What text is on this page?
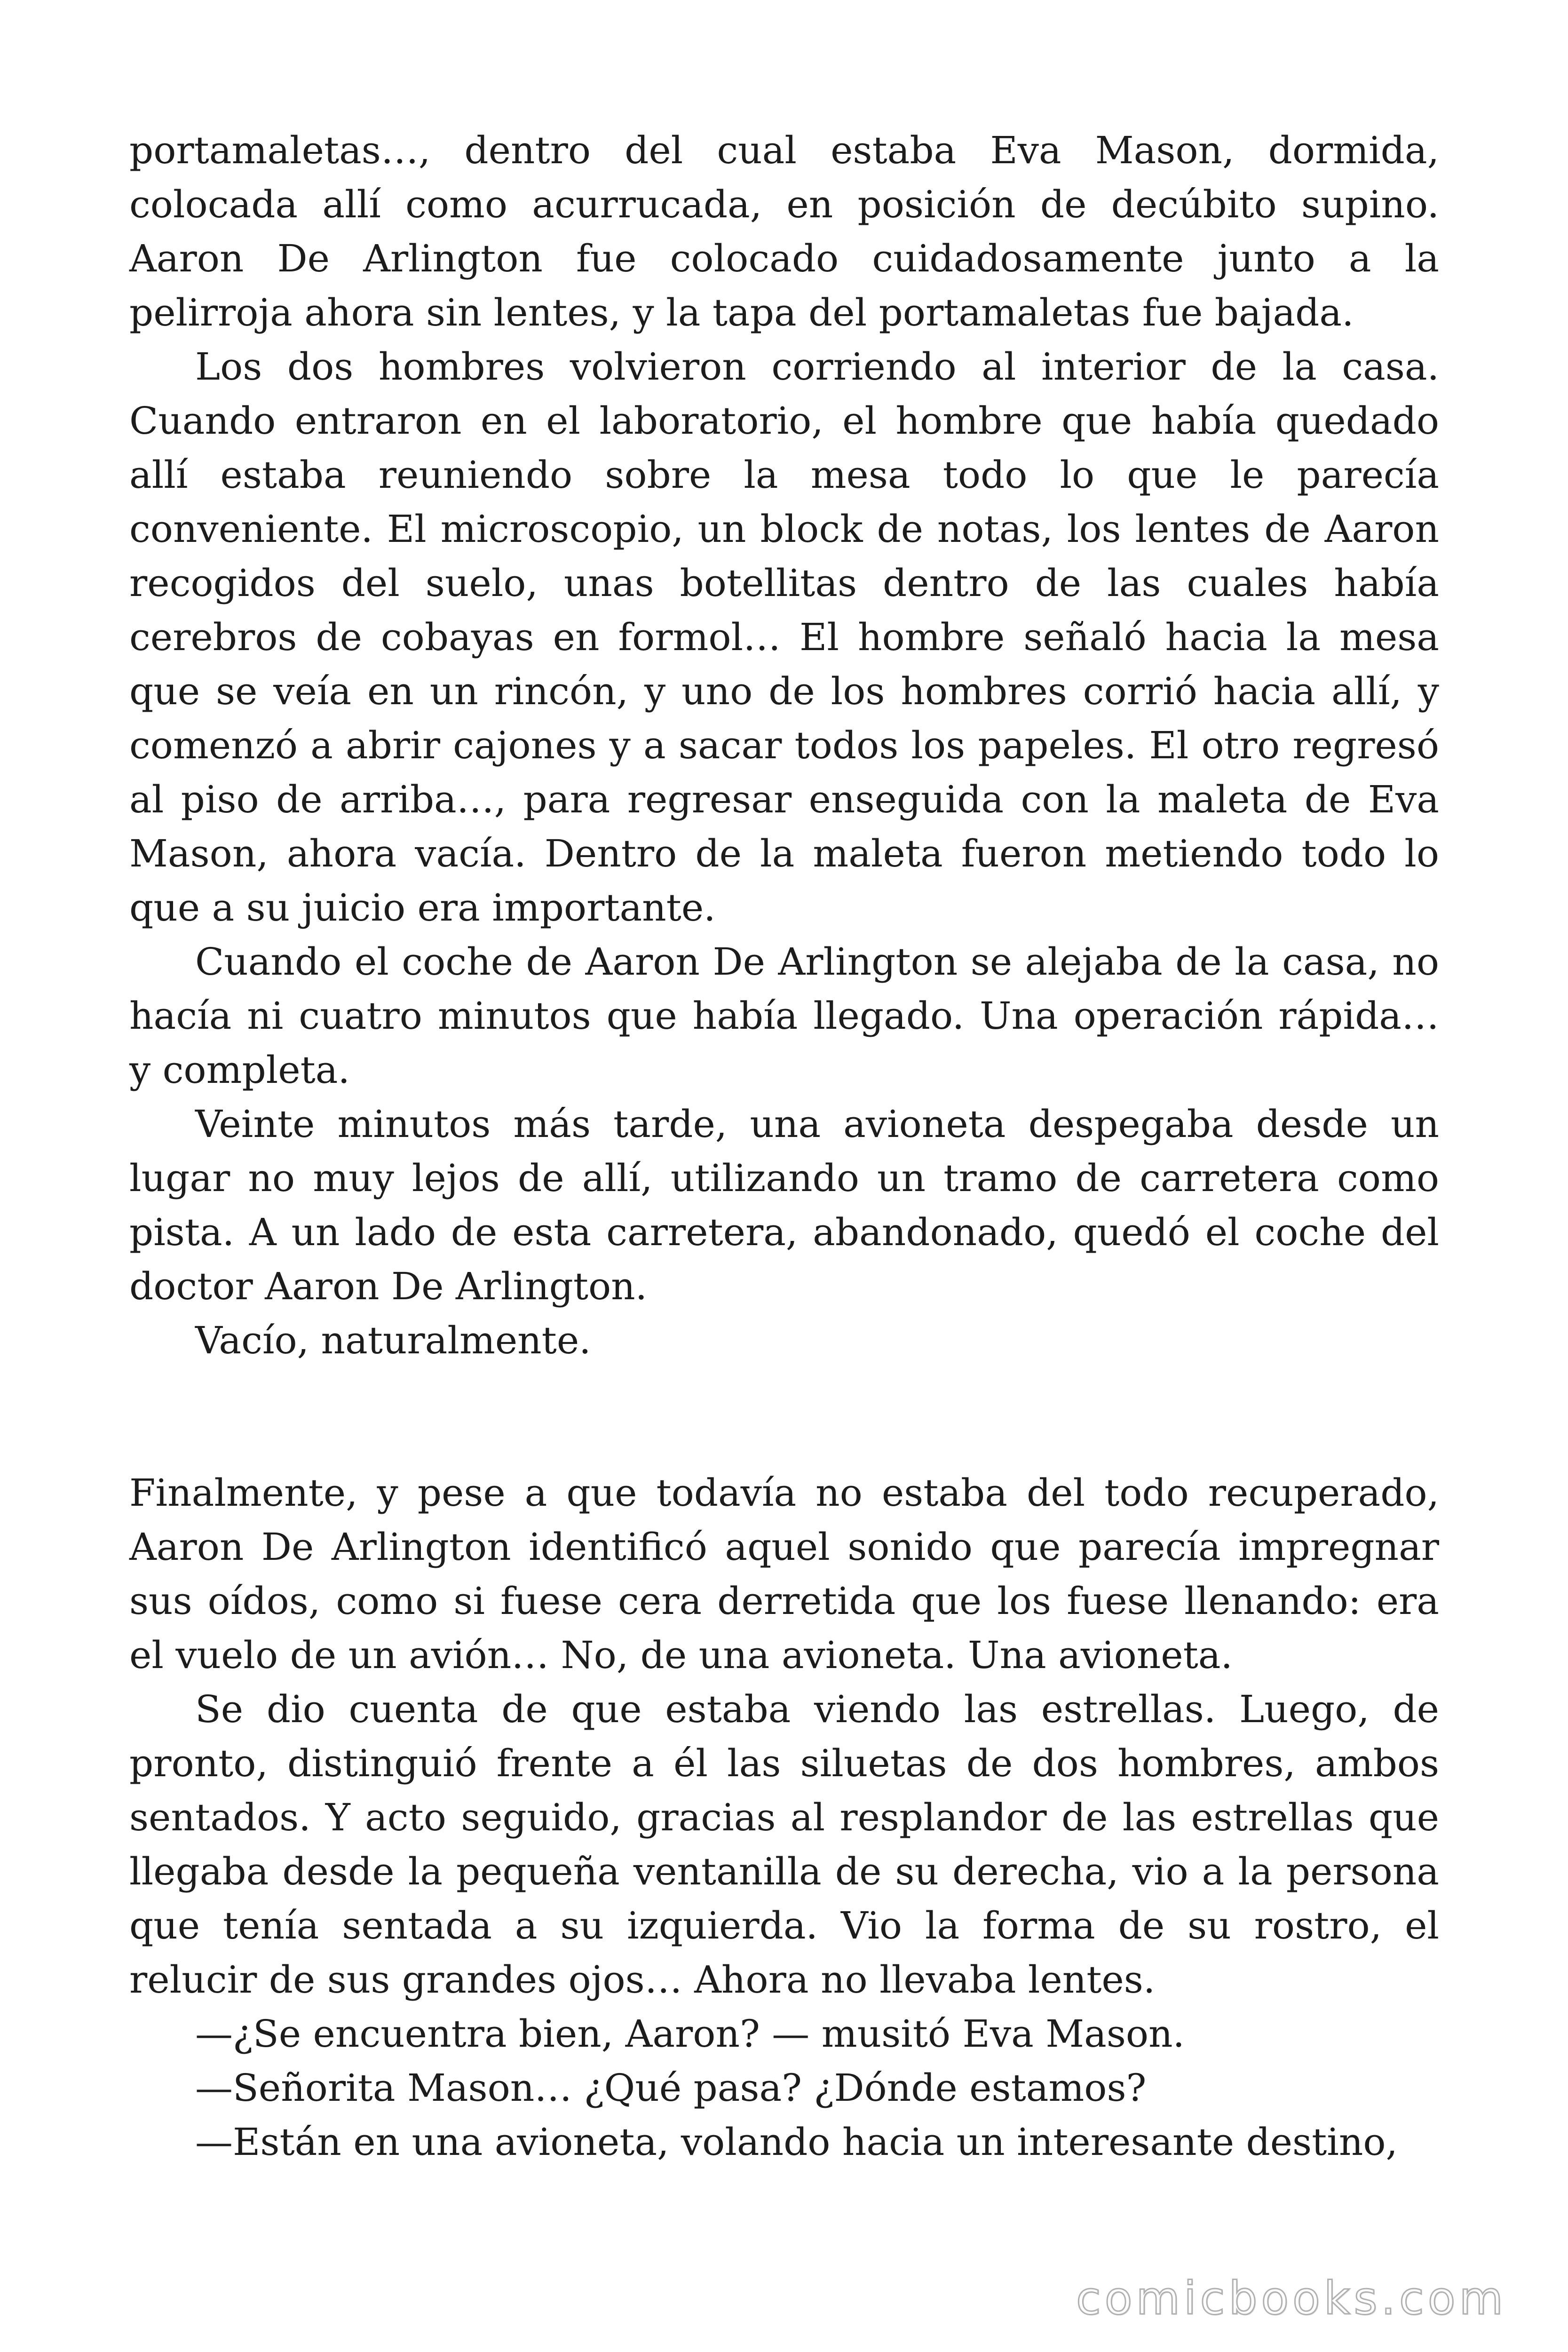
portamaletas…, dentro del cual estaba Eva Mason, dormida, colocada allí como acurrucada, en posición de decúbito supino. Aaron De Arlington fue colocado cuidadosamente junto a la pelirroja ahora sin lentes, y la tapa del portamaletas fue bajada.

Los dos hombres volvieron corriendo al interior de la casa. Cuando entraron en el laboratorio, el hombre que había quedado allí estaba reuniendo sobre la mesa todo lo que le parecía conveniente. El microscopio, un block de notas, los lentes de Aaron recogidos del suelo, unas botellitas dentro de las cuales había cerebros de cobayas en formol… El hombre señaló hacia la mesa que se veía en un rincón, y uno de los hombres corrió hacia allí, y comenzó a abrir cajones y a sacar todos los papeles. El otro regresó al piso de arriba…, para regresar enseguida con la maleta de Eva Mason, ahora vacía. Dentro de la maleta fueron metiendo todo lo que a su juicio era importante.

Cuando el coche de Aaron De Arlington se alejaba de la casa, no hacía ni cuatro minutos que había llegado. Una operación rápida… y completa.

Veinte minutos más tarde, una avioneta despegaba desde un lugar no muy lejos de allí, utilizando un tramo de carretera como pista. A un lado de esta carretera, abandonado, quedó el coche del doctor Aaron De Arlington.

Vacío, naturalmente.

Finalmente, y pese a que todavía no estaba del todo recuperado, Aaron De Arlington identificó aquel sonido que parecía impregnar sus oídos, como si fuese cera derretida que los fuese llenando: era el vuelo de un avión… No, de una avioneta. Una avioneta.

Se dio cuenta de que estaba viendo las estrellas. Luego, de pronto, distinguió frente a él las siluetas de dos hombres, ambos sentados. Y acto seguido, gracias al resplandor de las estrellas que llegaba desde la pequeña ventanilla de su derecha, vio a la persona que tenía sentada a su izquierda. Vio la forma de su rostro, el relucir de sus grandes ojos… Ahora no llevaba lentes.

—¿Se encuentra bien, Aaron? — musitó Eva Mason.

—Señorita Mason… ¿Qué pasa? ¿Dónde estamos?

—Están en una avioneta, volando hacia un interesante destino,

comicbooks.com
